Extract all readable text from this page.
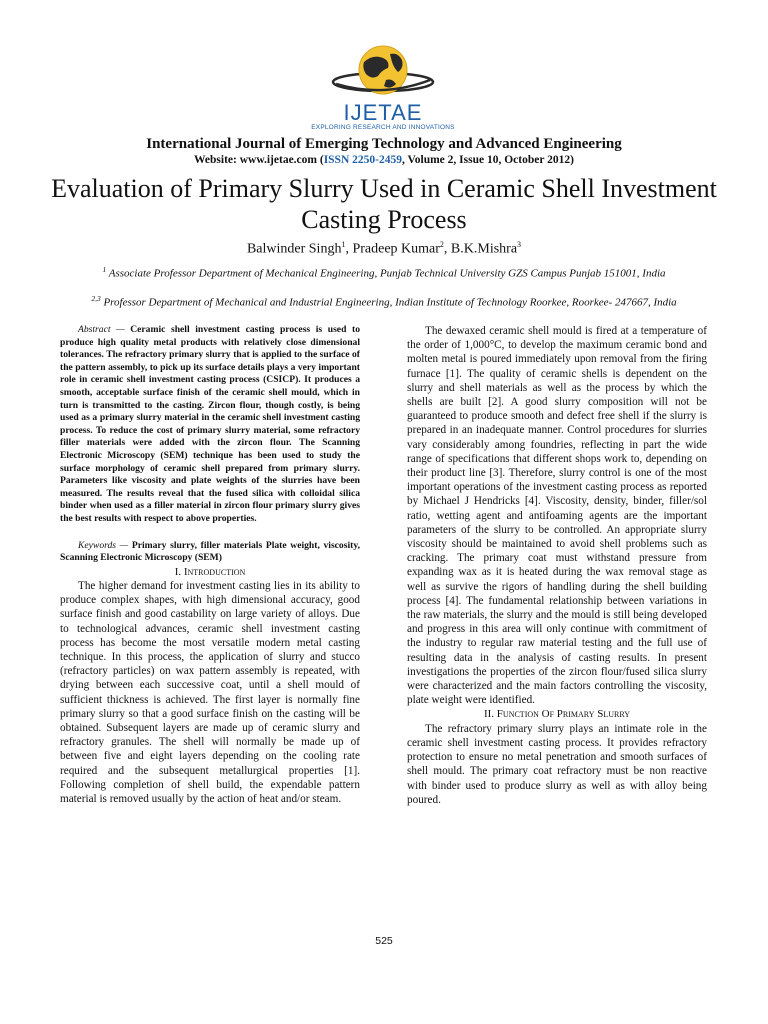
IJETAE
EXPLORING RESEARCH AND INNOVATIONS
International Journal of Emerging Technology and Advanced Engineering
Website: www.ijetae.com (ISSN 2250-2459, Volume 2, Issue 10, October 2012)
Evaluation of Primary Slurry Used in Ceramic Shell Investment Casting Process
Balwinder Singh$^1$, Pradeep Kumar$^2$, B.K.Mishra$^3$
$^1$ Associate Professor Department of Mechanical Engineering, Punjab Technical University GZS Campus Punjab 151001, India
$^{2,3}$ Professor Department of Mechanical and Industrial Engineering, Indian Institute of Technology Roorkee, Roorkee- 247667, India

Abstract — Ceramic shell investment casting process is used to produce high quality metal products with relatively close dimensional tolerances. The refractory primary slurry that is applied to the surface of the pattern assembly, to pick up its surface details plays a very important role in ceramic shell investment casting process (CSICP). It produces a smooth, acceptable surface finish of the ceramic shell mould, which in turn is transmitted to the casting. Zircon flour, though costly, is being used as a primary slurry material in the ceramic shell investment casting process. To reduce the cost of primary slurry material, some refractory filler materials were added with the zircon flour. The Scanning Electronic Microscopy (SEM) technique has been used to study the surface morphology of ceramic shell prepared from primary slurry. Parameters like viscosity and plate weights of the slurries have been measured. The results reveal that the fused silica with colloidal silica binder when used as a filler material in zircon flour primary slurry gives the best results with respect to above properties.

Keywords — Primary slurry, filler materials Plate weight, viscosity, Scanning Electronic Microscopy (SEM)

I. Introduction

The higher demand for investment casting lies in its ability to produce complex shapes, with high dimensional accuracy, good surface finish and good castability on large variety of alloys. Due to technological advances, ceramic shell investment casting process has become the most versatile modern metal casting technique. In this process, the application of slurry and stucco (refractory particles) on wax pattern assembly is repeated, with drying between each successive coat, until a shell mould of sufficient thickness is achieved. The first layer is normally fine primary slurry so that a good surface finish on the casting will be obtained. Subsequent layers are made up of ceramic slurry and refractory granules. The shell will normally be made up of between five and eight layers depending on the cooling rate required and the subsequent metallurgical properties [1]. Following completion of shell build, the expendable pattern material is removed usually by the action of heat and/or steam.

The dewaxed ceramic shell mould is fired at a temperature of the order of 1,000°C, to develop the maximum ceramic bond and molten metal is poured immediately upon removal from the firing furnace [1]. The quality of ceramic shells is dependent on the slurry and shell materials as well as the process by which the shells are built [2]. A good slurry composition will not be guaranteed to produce smooth and defect free shell if the slurry is prepared in an inadequate manner. Control procedures for slurries vary considerably among foundries, reflecting in part the wide range of specifications that different shops work to, depending on their product line [3]. Therefore, slurry control is one of the most important operations of the investment casting process as reported by Michael J Hendricks [4]. Viscosity, density, binder, filler/sol ratio, wetting agent and antifoaming agents are the important parameters of the slurry to be controlled. An appropriate slurry viscosity should be maintained to avoid shell problems such as cracking. The primary coat must withstand pressure from expanding wax as it is heated during the wax removal stage as well as survive the rigors of handling during the shell building process [4]. The fundamental relationship between variations in the raw materials, the slurry and the mould is still being developed and progress in this area will only continue with commitment of the industry to regular raw material testing and the full use of resulting data in the analysis of casting results. In present investigations the properties of the zircon flour/fused silica slurry were characterized and the main factors controlling the viscosity, plate weight were identified.

II. Function Of Primary Slurry

The refractory primary slurry plays an intimate role in the ceramic shell investment casting process. It provides refractory protection to ensure no metal penetration and smooth surfaces of shell mould. The primary coat refractory must be non reactive with binder used to produce slurry as well as with alloy being poured.

525
